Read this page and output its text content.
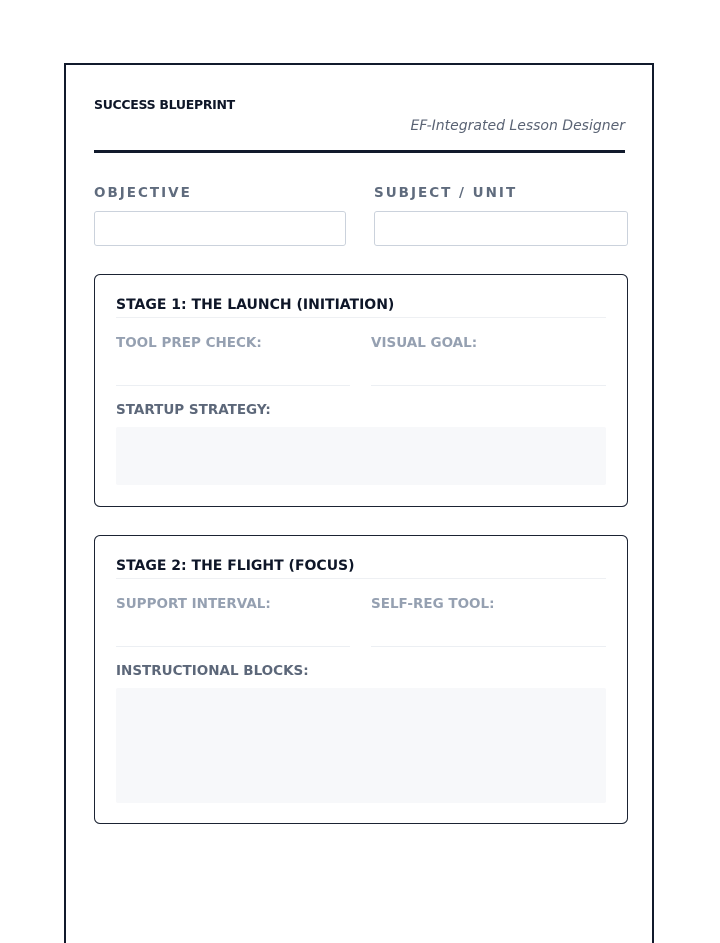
SUCCESS BLUEPRINT
EF-Integrated Lesson Designer
OBJECTIVE	SUBJECT / UNIT
STAGE 1: THE LAUNCH (INITIATION)
TOOL PREP CHECK:	VISUAL GOAL:
STARTUP STRATEGY:
STAGE 2: THE FLIGHT (FOCUS)
SUPPORT INTERVAL:	SELF-REG TOOL:
INSTRUCTIONAL BLOCKS:
